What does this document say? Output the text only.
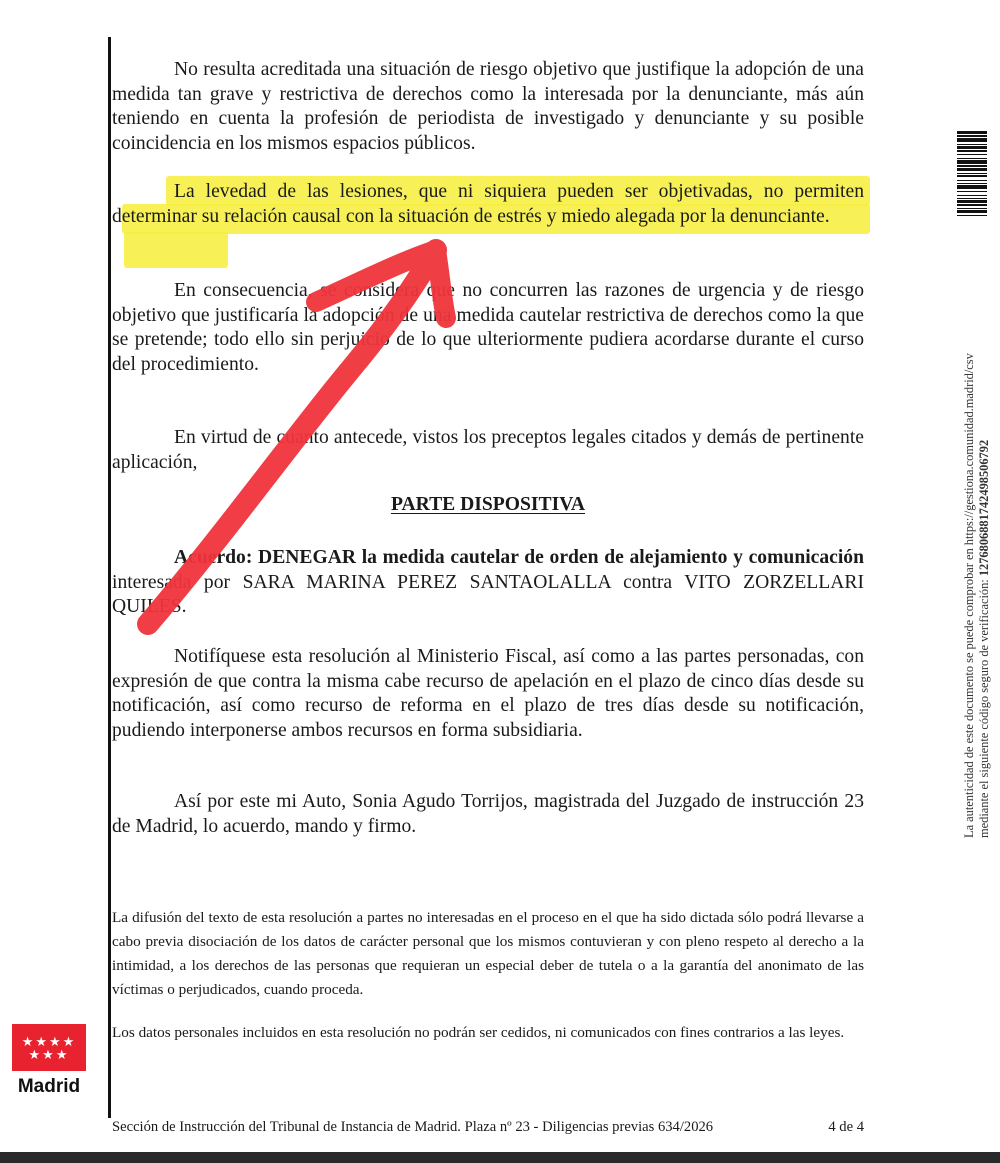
No resulta acreditada una situación de riesgo objetivo que justifique la adopción de una medida tan grave y restrictiva de derechos como la interesada por la denunciante, más aún teniendo en cuenta la profesión de periodista de investigado y denunciante y su posible coincidencia en los mismos espacios públicos.

La levedad de las lesiones, que ni siquiera pueden ser objetivadas, no permiten determinar su relación causal con la situación de estrés y miedo alegada por la denunciante.

En consecuencia, se considera que no concurren las razones de urgencia y de riesgo objetivo que justificaría la adopción de una medida cautelar restrictiva de derechos como la que se pretende; todo ello sin perjuicio de lo que ulteriormente pudiera acordarse durante el curso del procedimiento.

En virtud de cuanto antecede, vistos los preceptos legales citados y demás de pertinente aplicación,

PARTE DISPOSITIVA

Acuerdo: DENEGAR la medida cautelar de orden de alejamiento y comunicación interesada por SARA MARINA PEREZ SANTAOLALLA contra VITO ZORZELLARI QUILES.

Notifíquese esta resolución al Ministerio Fiscal, así como a las partes personadas, con expresión de que contra la misma cabe recurso de apelación en el plazo de cinco días desde su notificación, así como recurso de reforma en el plazo de tres días desde su notificación, pudiendo interponerse ambos recursos en forma subsidiaria.

Así por este mi Auto, Sonia Agudo Torrijos, magistrada del Juzgado de instrucción 23 de Madrid, lo acuerdo, mando y firmo.

La difusión del texto de esta resolución a partes no interesadas en el proceso en el que ha sido dictada sólo podrá llevarse a cabo previa disociación de los datos de carácter personal que los mismos contuvieran y con pleno respeto al derecho a la intimidad, a los derechos de las personas que requieran un especial deber de tutela o a la garantía del anonimato de las víctimas o perjudicados, cuando proceda.

Los datos personales incluidos en esta resolución no podrán ser cedidos, ni comunicados con fines contrarios a las leyes.

Sección de Instrucción del Tribunal de Instancia de Madrid. Plaza nº 23 - Diligencias previas 634/2026	4 de 4
La autenticidad de este documento se puede comprobar en https://gestiona.comunidad.madrid/csv mediante el siguiente código seguro de verificación: 1276806881742498506792
★★★★
★★★
Madrid
